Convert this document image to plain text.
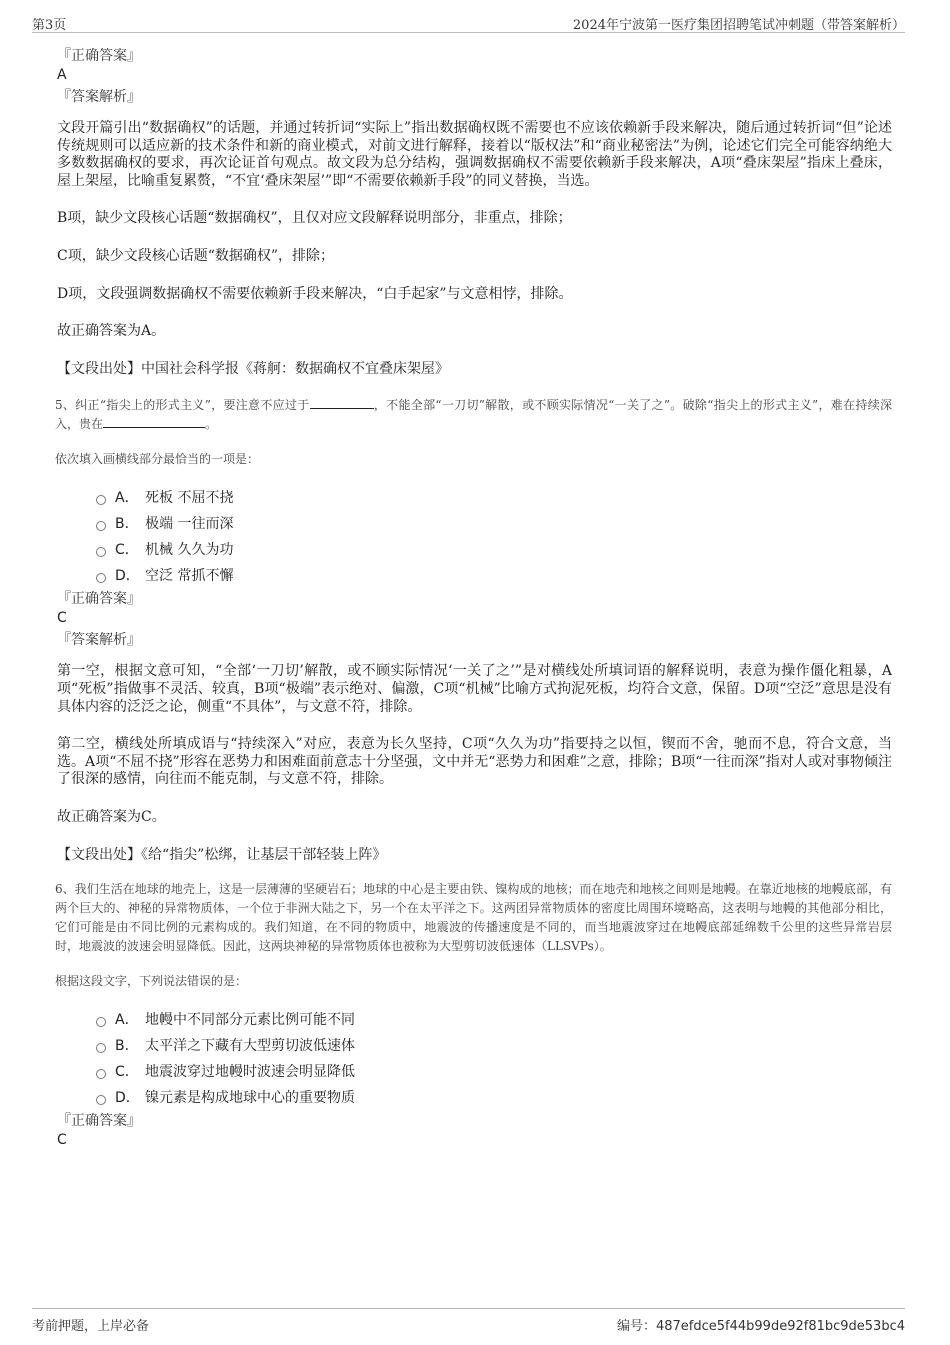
第3页	2024年宁波第一医疗集团招聘笔试冲刺题（带答案解析）

『正确答案』

A

『答案解析』

文段开篇引出“数据确权”的话题，并通过转折词“实际上”指出数据确权既不需要也不应该依赖新手段来解决，随后通过转折词“但”论述传统规则可以适应新的技术条件和新的商业模式，对前文进行解释，接着以“版权法”和“商业秘密法”为例，论述它们完全可能容纳绝大多数数据确权的要求，再次论证首句观点。故文段为总分结构，强调数据确权不需要依赖新手段来解决，A项“叠床架屋”指床上叠床，屋上架屋，比喻重复累赘，“不宜‘叠床架屋’”即“不需要依赖新手段”的同义替换，当选。

B项，缺少文段核心话题“数据确权”，且仅对应文段解释说明部分，非重点，排除；

C项，缺少文段核心话题“数据确权”，排除；

D项，文段强调数据确权不需要依赖新手段来解决，“白手起家”与文意相悖，排除。

故正确答案为A。

【文段出处】中国社会科学报《蒋舸：数据确权不宜叠床架屋》

5、纠正“指尖上的形式主义”，要注意不应过于	，不能全部“一刀切”解散，或不顾实际情况“一关了之”。破除“指尖上的形式主义”，难在持续深入，贵在	。

依次填入画横线部分最恰当的一项是：

A． 死板 不屈不挠
B． 极端 一往而深
C． 机械 久久为功
D． 空泛 常抓不懈

『正确答案』

C

『答案解析』

第一空，根据文意可知，“全部‘一刀切’解散，或不顾实际情况‘一关了之’”是对横线处所填词语的解释说明，表意为操作僵化粗暴，A项“死板”指做事不灵活、较真，B项“极端”表示绝对、偏激，C项“机械”比喻方式拘泥死板，均符合文意，保留。D项“空泛”意思是没有具体内容的泛泛之论，侧重“不具体”，与文意不符，排除。

第二空，横线处所填成语与“持续深入”对应，表意为长久坚持，C项“久久为功”指要持之以恒，锲而不舍，驰而不息，符合文意，当选。A项“不屈不挠”形容在恶势力和困难面前意志十分坚强，文中并无“恶势力和困难”之意，排除；B项“一往而深”指对人或对事物倾注了很深的感情，向往而不能克制，与文意不符，排除。

故正确答案为C。

【文段出处】《给“指尖”松绑，让基层干部轻装上阵》

6、我们生活在地球的地壳上，这是一层薄薄的坚硬岩石；地球的中心是主要由铁、镍构成的地核；而在地壳和地核之间则是地幔。在靠近地核的地幔底部，有两个巨大的、神秘的异常物质体，一个位于非洲大陆之下，另一个在太平洋之下。这两团异常物质体的密度比周围环境略高，这表明与地幔的其他部分相比，它们可能是由不同比例的元素构成的。我们知道，在不同的物质中，地震波的传播速度是不同的，而当地震波穿过在地幔底部延绵数千公里的这些异常岩层时，地震波的波速会明显降低。因此，这两块神秘的异常物质体也被称为大型剪切波低速体（LLSVPs）。

根据这段文字，下列说法错误的是：

A． 地幔中不同部分元素比例可能不同
B． 太平洋之下藏有大型剪切波低速体
C． 地震波穿过地幔时波速会明显降低
D． 镍元素是构成地球中心的重要物质

『正确答案』

C

考前押题，上岸必备	编号：487efdce5f44b99de92f81bc9de53bc4
